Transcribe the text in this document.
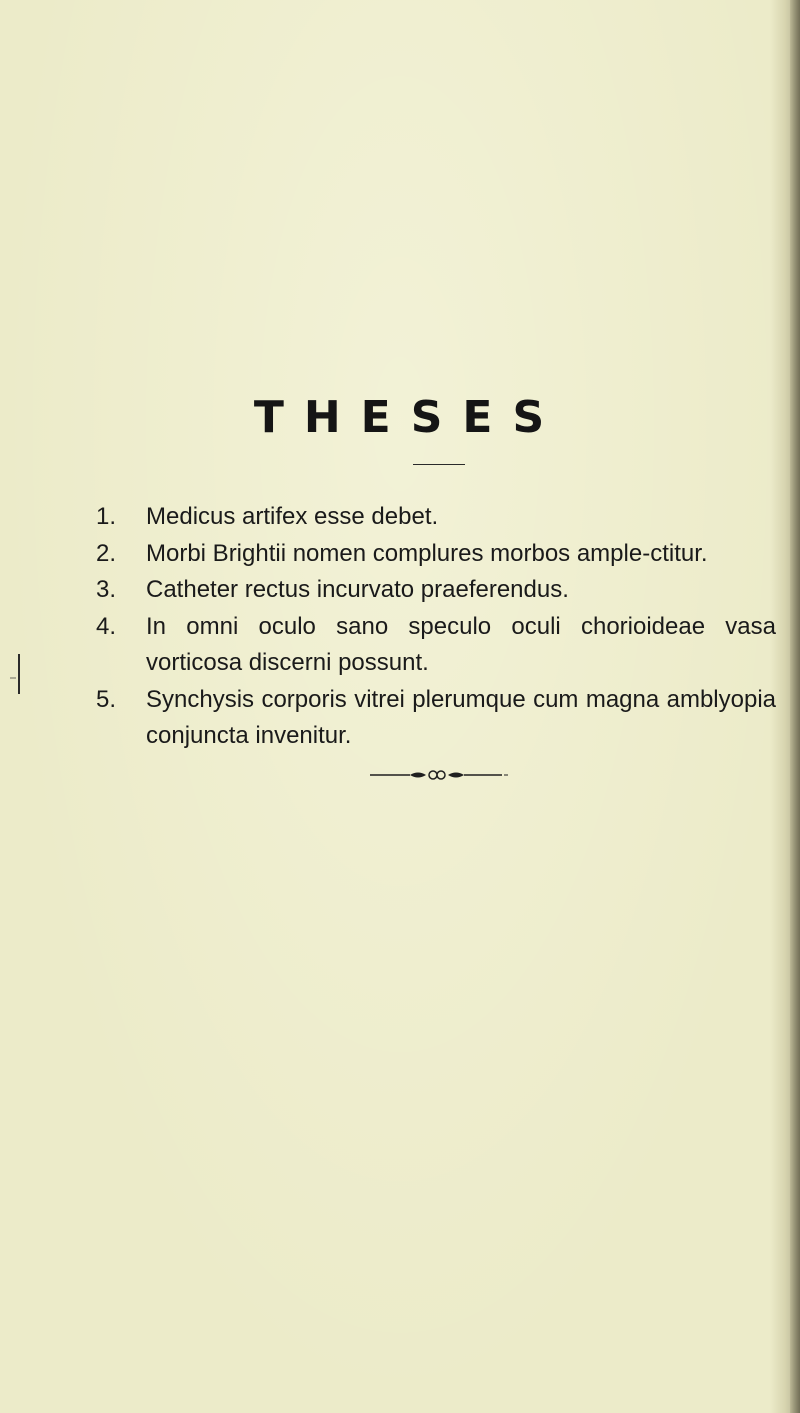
THESES
1. Medicus artifex esse debet.
2. Morbi Brightii nomen complures morbos ample-ctitur.
3. Catheter rectus incurvato praeferendus.
4. In omni oculo sano speculo oculi chorioideae vasa vorticosa discerni possunt.
5. Synchysis corporis vitrei plerumque cum magna amblyopia conjuncta invenitur.
